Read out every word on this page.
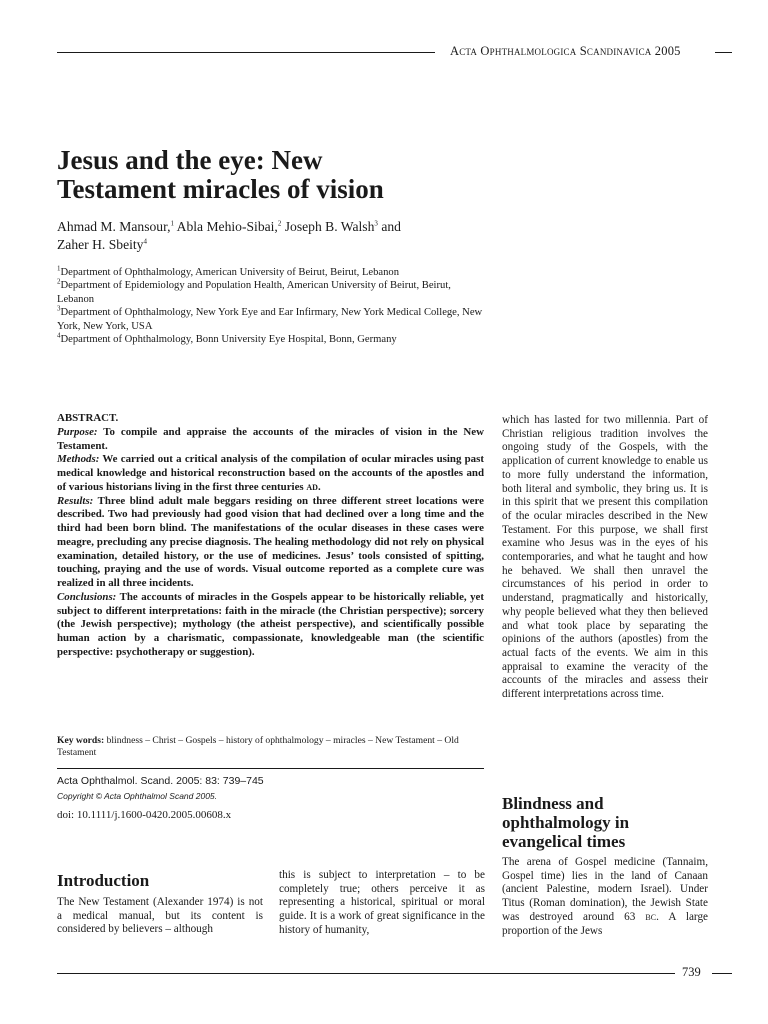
Acta Ophthalmologica Scandinavica 2005
Jesus and the eye: New
Testament miracles of vision
Ahmad M. Mansour,$^1$ Abla Mehio-Sibai,$^2$ Joseph B. Walsh$^3$ and
Zaher H. Sbeity$^4$
$^1$Department of Ophthalmology, American University of Beirut, Beirut, Lebanon
$^2$Department of Epidemiology and Population Health, American University of Beirut, Beirut, Lebanon
$^3$Department of Ophthalmology, New York Eye and Ear Infirmary, New York Medical College, New York, New York, USA
$^4$Department of Ophthalmology, Bonn University Eye Hospital, Bonn, Germany
ABSTRACT.
Purpose: To compile and appraise the accounts of the miracles of vision in the New Testament.
Methods: We carried out a critical analysis of the compilation of ocular miracles using past medical knowledge and historical reconstruction based on the accounts of the apostles and of various historians living in the first three centuries ad.
Results: Three blind adult male beggars residing on three different street locations were described. Two had previously had good vision that had declined over a long time and the third had been born blind. The manifestations of the ocular diseases in these cases were meagre, precluding any precise diagnosis. The healing methodology did not rely on physical examination, detailed history, or the use of medicines. Jesus’ tools consisted of spitting, touching, praying and the use of words. Visual outcome reported as a complete cure was realized in all three incidents.
Conclusions: The accounts of miracles in the Gospels appear to be historically reliable, yet subject to different interpretations: faith in the miracle (the Christian perspective); sorcery (the Jewish perspective); mythology (the atheist perspective), and scientifically possible human action by a charismatic, compassionate, knowledgeable man (the scientific perspective: psychotherapy or suggestion).
Key words: blindness – Christ – Gospels – history of ophthalmology – miracles – New Testament – Old Testament
Acta Ophthalmol. Scand. 2005: 83: 739–745
Copyright © Acta Ophthalmol Scand 2005.
doi: 10.1111/j.1600-0420.2005.00608.x
Introduction
The New Testament (Alexander 1974) is not a medical manual, but its content is considered by believers – although
this is subject to interpretation – to be completely true; others perceive it as representing a historical, spiritual or moral guide. It is a work of great significance in the history of humanity,
which has lasted for two millennia. Part of Christian religious tradition involves the ongoing study of the Gospels, with the application of current knowledge to enable us to more fully understand the information, both literal and symbolic, they bring us. It is in this spirit that we present this compilation of the ocular miracles described in the New Testament. For this purpose, we shall first examine who Jesus was in the eyes of his contemporaries, and what he taught and how he behaved. We shall then unravel the circumstances of his period in order to understand, pragmatically and historically, why people believed what they then believed and what took place by separating the opinions of the authors (apostles) from the actual facts of the events. We aim in this appraisal to examine the veracity of the accounts of the miracles and assess their different interpretations across time.
Blindness and
ophthalmology in
evangelical times
The arena of Gospel medicine (Tannaim, Gospel time) lies in the land of Canaan (ancient Palestine, modern Israel). Under Titus (Roman domination), the Jewish State was destroyed around 63 bc. A large proportion of the Jews
739
